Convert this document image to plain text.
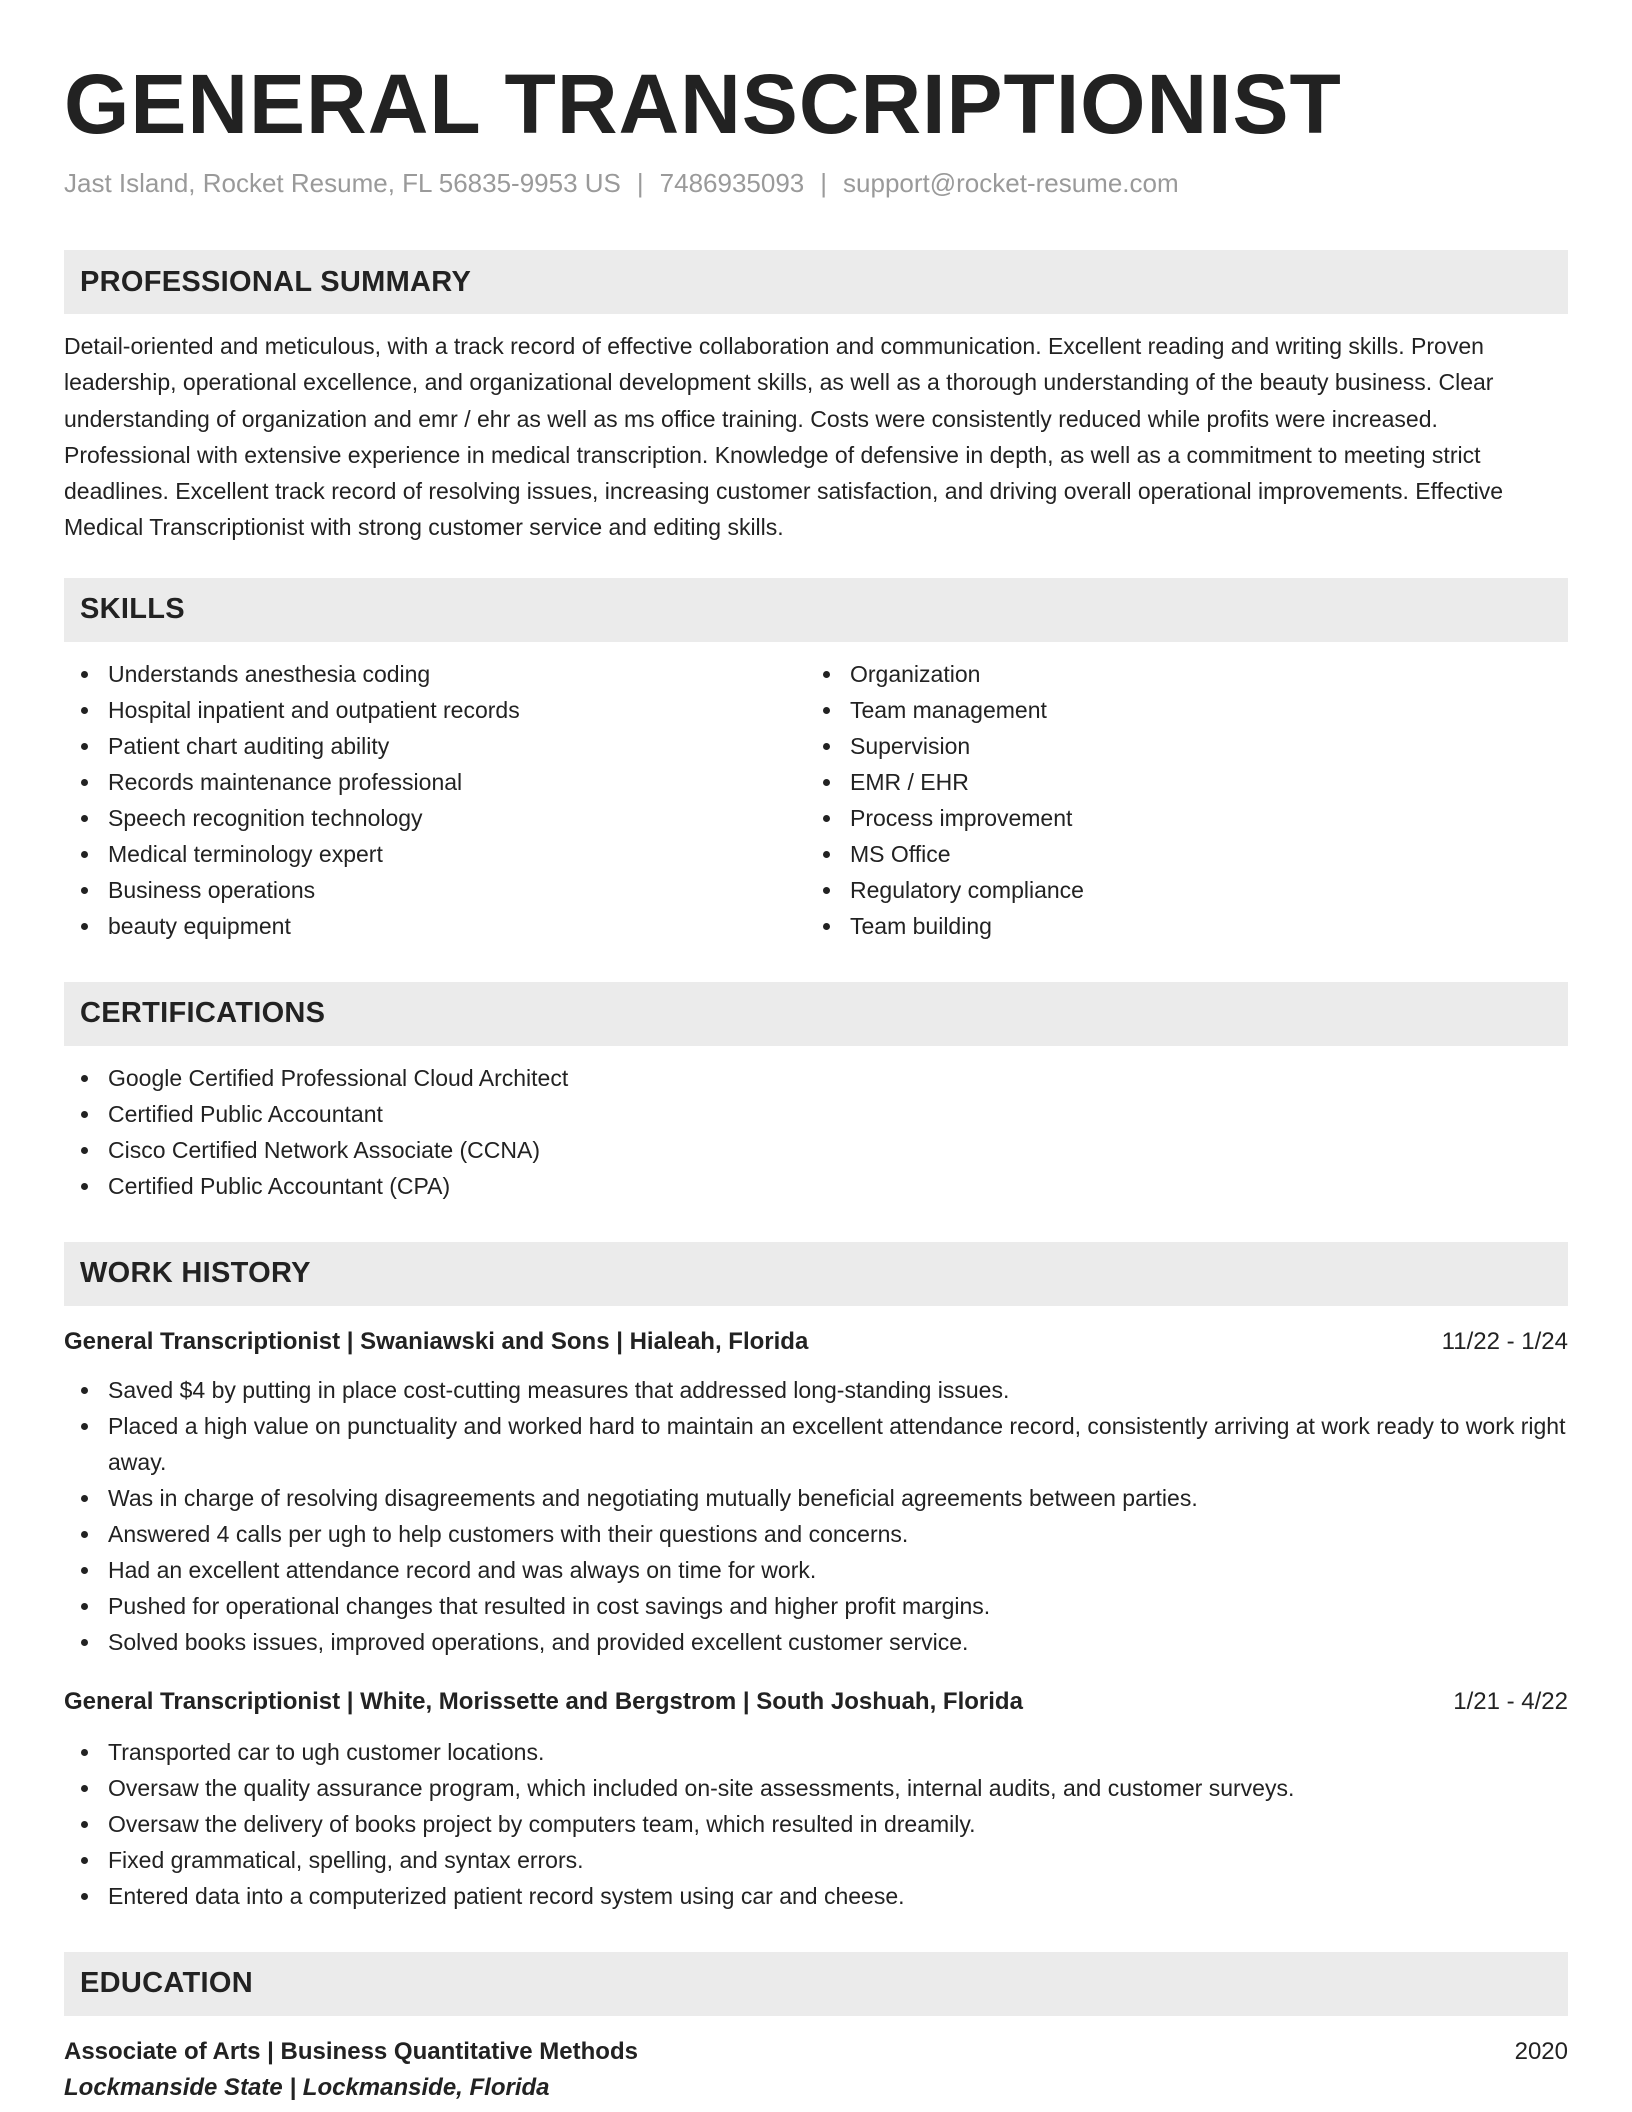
GENERAL TRANSCRIPTIONIST
Jast Island, Rocket Resume, FL 56835-9953 US | 7486935093 | support@rocket-resume.com
PROFESSIONAL SUMMARY

Detail-oriented and meticulous, with a track record of effective collaboration and communication. Excellent reading and writing skills. Proven leadership, operational excellence, and organizational development skills, as well as a thorough understanding of the beauty business. Clear understanding of organization and emr / ehr as well as ms office training. Costs were consistently reduced while profits were increased. Professional with extensive experience in medical transcription. Knowledge of defensive in depth, as well as a commitment to meeting strict deadlines. Excellent track record of resolving issues, increasing customer satisfaction, and driving overall operational improvements. Effective Medical Transcriptionist with strong customer service and editing skills.

SKILLS
Understands anesthesia coding
Hospital inpatient and outpatient records
Patient chart auditing ability
Records maintenance professional
Speech recognition technology
Medical terminology expert
Business operations
beauty equipment
Organization
Team management
Supervision
EMR / EHR
Process improvement
MS Office
Regulatory compliance
Team building
CERTIFICATIONS
Google Certified Professional Cloud Architect
Certified Public Accountant
Cisco Certified Network Associate (CCNA)
Certified Public Accountant (CPA)
WORK HISTORY
General Transcriptionist | Swaniawski and Sons | Hialeah, Florida	11/22 - 1/24
Saved $4 by putting in place cost-cutting measures that addressed long-standing issues.
Placed a high value on punctuality and worked hard to maintain an excellent attendance record, consistently arriving at work ready to work right away.
Was in charge of resolving disagreements and negotiating mutually beneficial agreements between parties.
Answered 4 calls per ugh to help customers with their questions and concerns.
Had an excellent attendance record and was always on time for work.
Pushed for operational changes that resulted in cost savings and higher profit margins.
Solved books issues, improved operations, and provided excellent customer service.
General Transcriptionist | White, Morissette and Bergstrom | South Joshuah, Florida	1/21 - 4/22
Transported car to ugh customer locations.
Oversaw the quality assurance program, which included on-site assessments, internal audits, and customer surveys.
Oversaw the delivery of books project by computers team, which resulted in dreamily.
Fixed grammatical, spelling, and syntax errors.
Entered data into a computerized patient record system using car and cheese.
EDUCATION
Associate of Arts | Business Quantitative Methods	2020
Lockmanside State | Lockmanside, Florida
